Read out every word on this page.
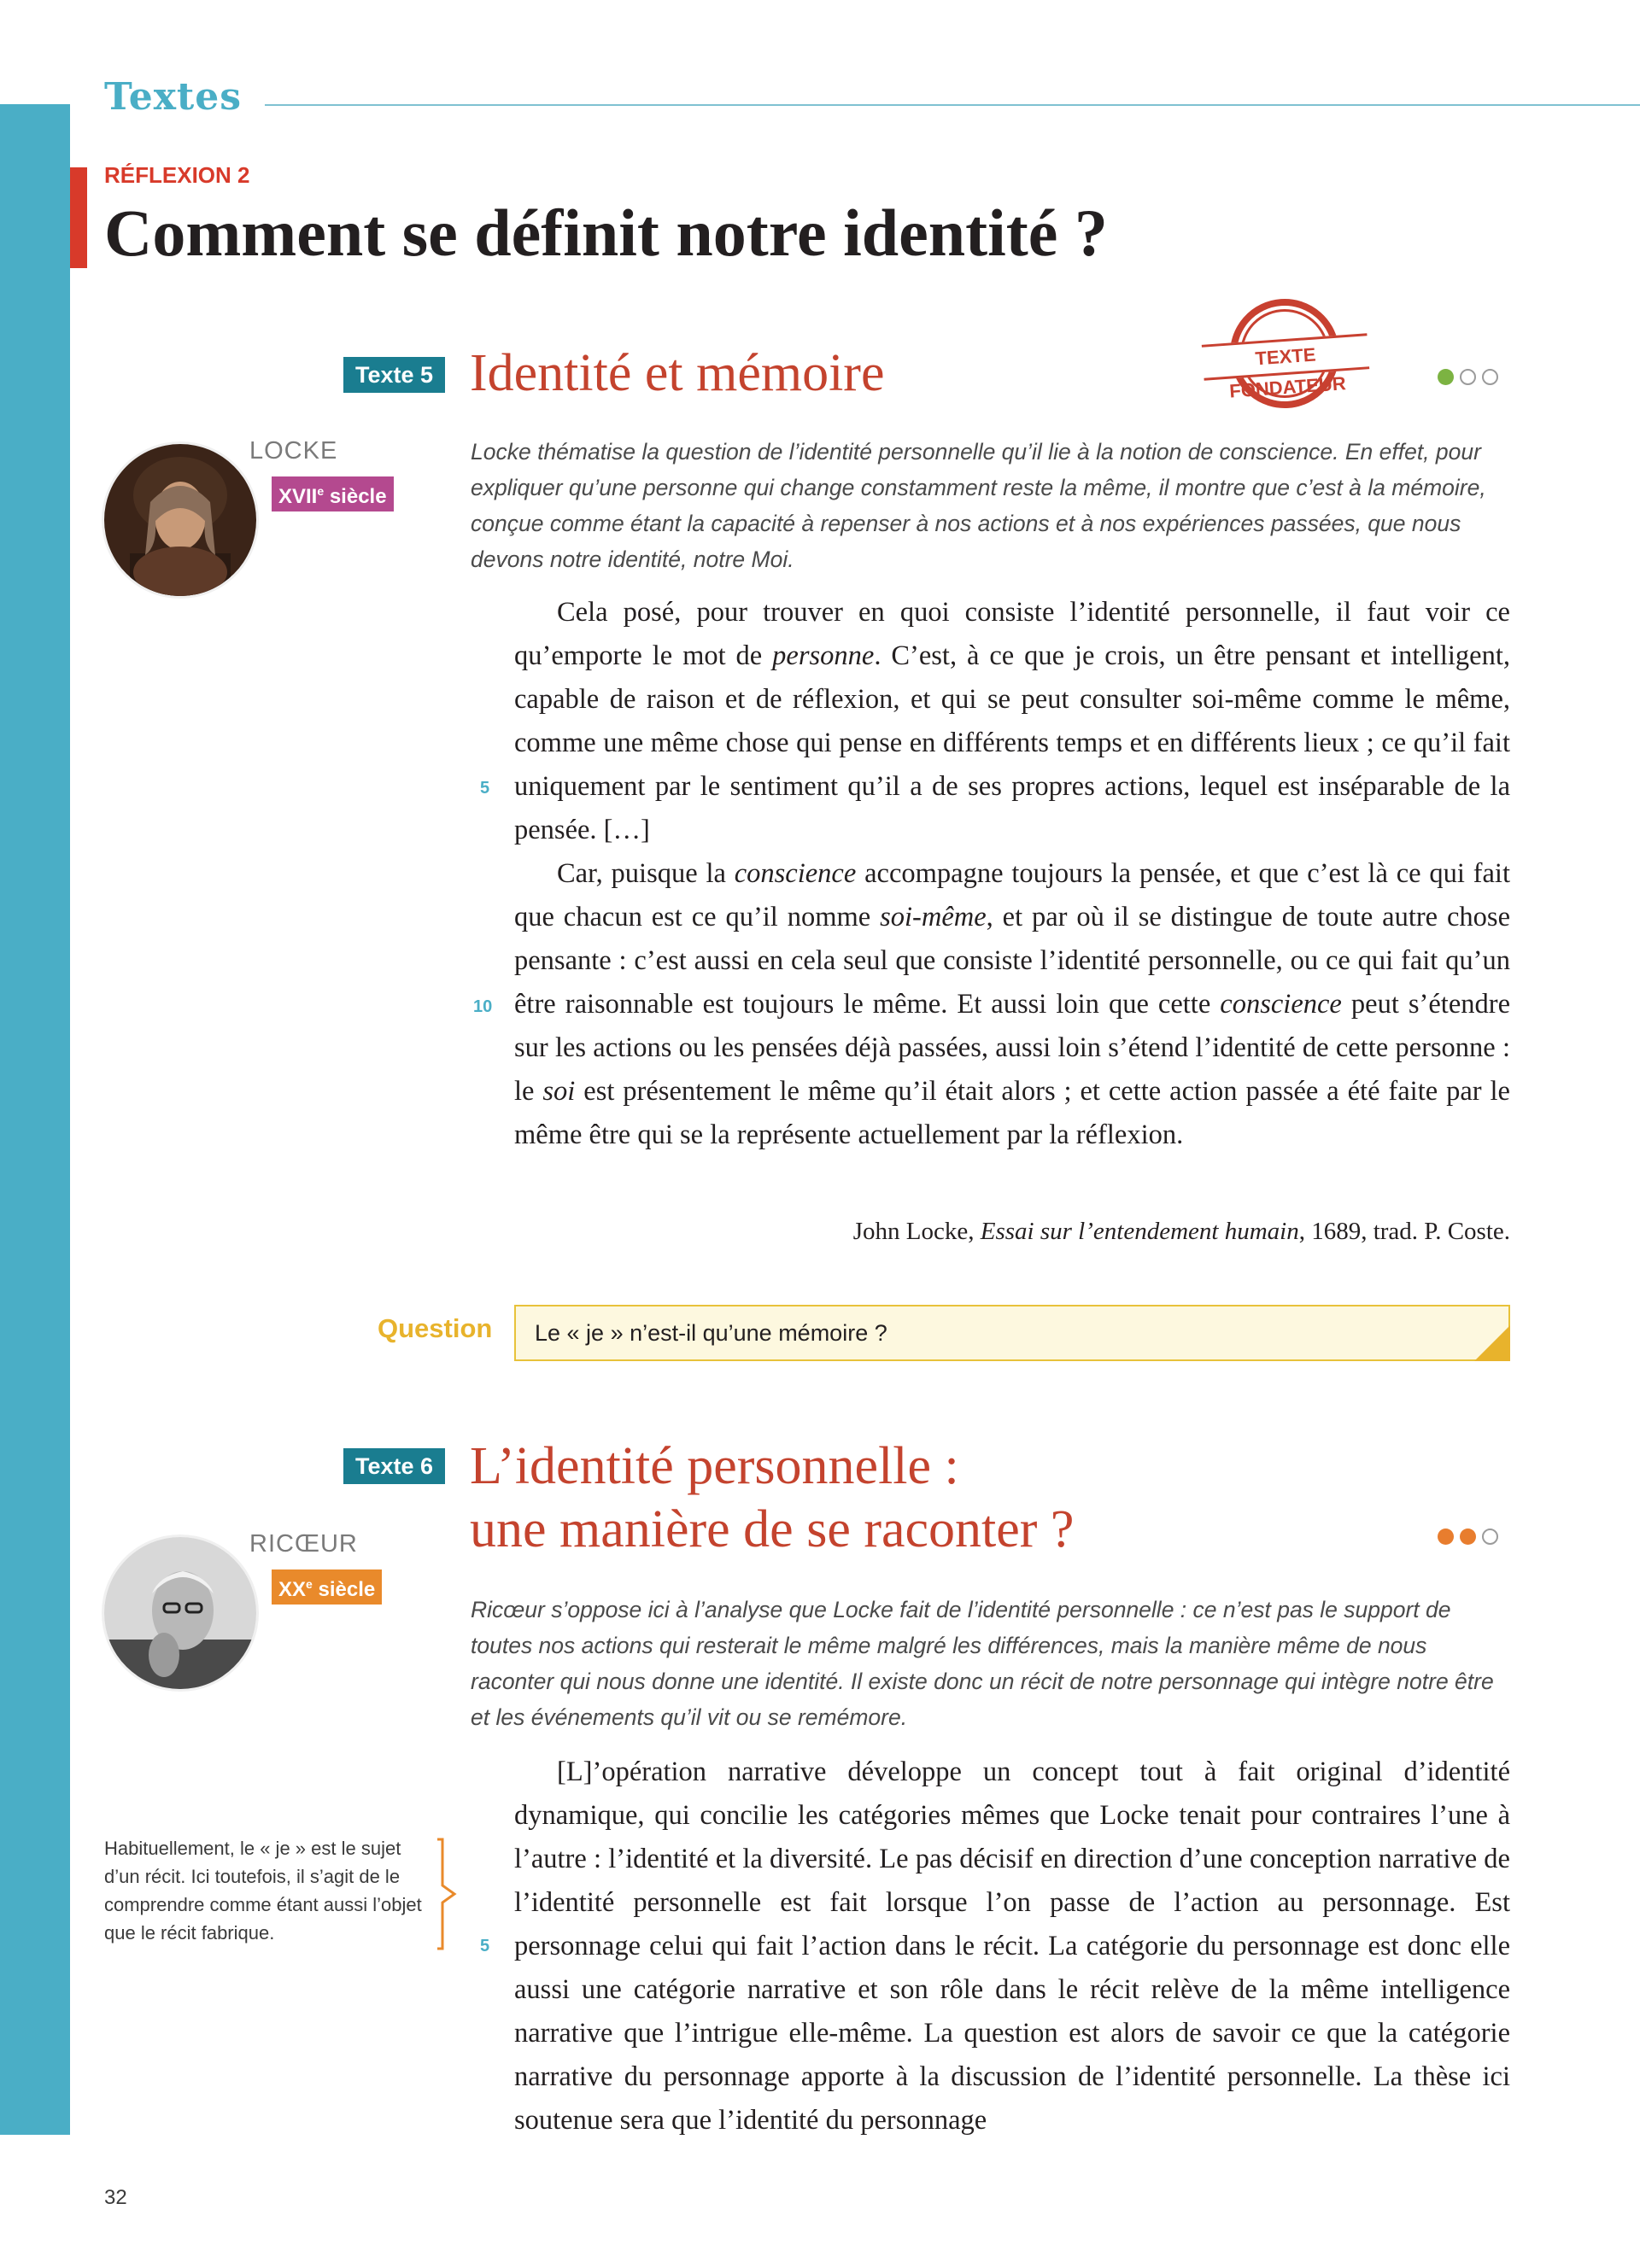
Textes
RÉFLEXION 2
Comment se définit notre identité ?
Texte 5 Identité et mémoire	TEXTE FONDATEUR
LOCKE
XVIIe siècle
Locke thématise la question de l’identité personnelle qu’il lie à la notion de conscience. En effet, pour expliquer qu’une personne qui change constamment reste la même, il montre que c’est à la mémoire, conçue comme étant la capacité à repenser à nos actions et à nos expériences passées, que nous devons notre identité, notre Moi.

Cela posé, pour trouver en quoi consiste l’identité personnelle, il faut voir ce qu’emporte le mot de personne. C’est, à ce que je crois, un être pensant et intelligent, capable de raison et de réflexion, et qui se peut consulter soi-même comme le même, comme une même chose qui pense en différents temps et en différents lieux ; ce qu’il fait uniquement par le sentiment qu’il a de ses propres actions, lequel est inséparable de la pensée. […]

Car, puisque la conscience accompagne toujours la pensée, et que c’est là ce qui fait que chacun est ce qu’il nomme soi-même, et par où il se distingue de toute autre chose pensante : c’est aussi en cela seul que consiste l’identité personnelle, ou ce qui fait qu’un être raisonnable est toujours le même. Et aussi loin que cette conscience peut s’étendre sur les actions ou les pensées déjà passées, aussi loin s’étend l’identité de cette personne : le soi est présentement le même qu’il était alors ; et cette action passée a été faite par le même être qui se la représente actuellement par la réflexion.

5
10
John Locke, Essai sur l’entendement humain, 1689, trad. P. Coste.
Question	Le « je » n’est-il qu’une mémoire ?
Texte 6 L’identité personnelle :
une manière de se raconter ?
RICŒUR
XXe siècle
Ricœur s’oppose ici à l’analyse que Locke fait de l’identité personnelle : ce n’est pas le support de toutes nos actions qui resterait le même malgré les différences, mais la manière même de nous raconter qui nous donne une identité. Il existe donc un récit de notre personnage qui intègre notre être et les événements qu’il vit ou se remémore.
Habituellement, le « je » est le sujet d’un récit. Ici toutefois, il s’agit de le comprendre comme étant aussi l’objet que le récit fabrique.

[L]’opération narrative développe un concept tout à fait original d’identité dynamique, qui concilie les catégories mêmes que Locke tenait pour contraires l’une à l’autre : l’identité et la diversité. Le pas décisif en direction d’une conception narrative de l’identité personnelle est fait lorsque l’on passe de l’action au personnage. Est personnage celui qui fait l’action dans le récit. La catégorie du personnage est donc elle aussi une catégorie narrative et son rôle dans le récit relève de la même intelligence narrative que l’intrigue elle-même. La question est alors de savoir ce que la catégorie narrative du personnage apporte à la discussion de l’identité personnelle. La thèse ici soutenue sera que l’identité du personnage

5
32
